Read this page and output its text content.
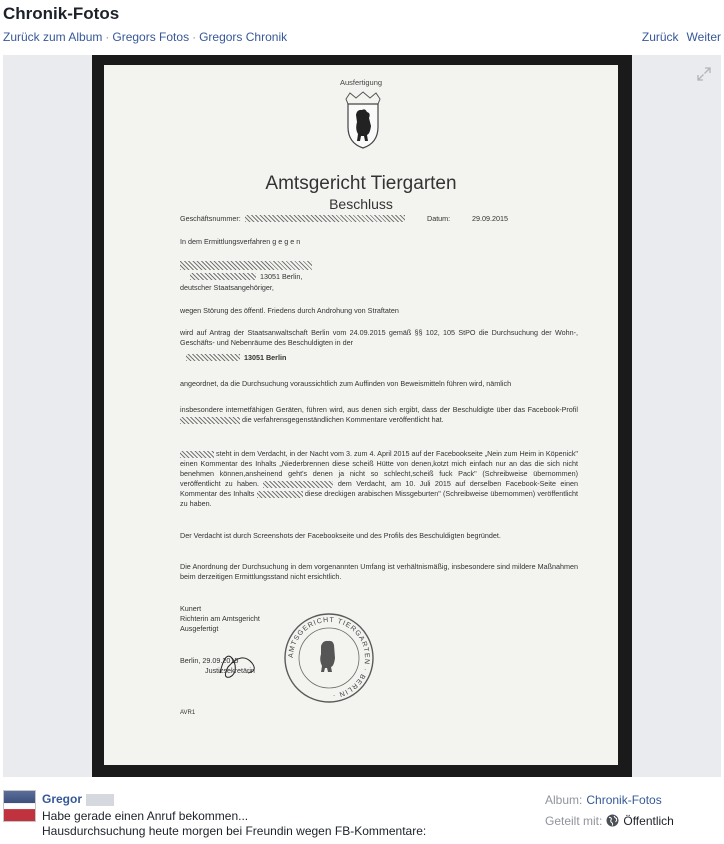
Chronik-Fotos
Zurück zum Album · Gregors Fotos · Gregors Chronik	Zurück Weiter
Ausfertigung
Amtsgericht Tiergarten
Beschluss
Geschäftsnummer:	Datum:	29.09.2015
In dem Ermittlungsverfahren g e g e n
13051 Berlin,
deutscher Staatsangehöriger,
wegen Störung des öffentl. Friedens durch Androhung von Straftaten
wird auf Antrag der Staatsanwaltschaft Berlin vom 24.09.2015 gemäß §§ 102, 105 StPO die Durchsuchung der Wohn-, Geschäfts- und Nebenräume des Beschuldigten in der
13051 Berlin
angeordnet, da die Durchsuchung voraussichtlich zum Auffinden von Beweismitteln führen wird, nämlich
insbesondere internetfähigen Geräten, führen wird, aus denen sich ergibt, dass der Beschuldigte über das Facebook-Profil  die verfahrensgegenständlichen Kommentare veröffentlicht hat.
steht in dem Verdacht, in der Nacht vom 3. zum 4. April 2015 auf der Facebookseite „Nein zum Heim in Köpenick" einen Kommentar des Inhalts „Niederbrennen diese scheiß Hütte von denen,kotzt mich einfach nur an das die sich nicht benehmen können,ansheinend geht's denen ja nicht so schlecht,scheiß fuck Pack" (Schreibweise übernommen) veröffentlicht zu haben.	dem Verdacht, am 10. Juli 2015 auf derselben Facebook-Seite einen Kommentar des Inhalts	diese dreckigen arabischen Missgeburten" (Schreibweise übernommen) veröffentlicht zu haben.
Der Verdacht ist durch Screenshots der Facebookseite und des Profils des Beschuldigten begründet.
Die Anordnung der Durchsuchung in dem vorgenannten Umfang ist verhältnismäßig, insbesondere sind mildere Maßnahmen beim derzeitigen Ermittlungsstand nicht ersichtlich.
Kunert
Richterin am Amtsgericht
Ausgefertigt
Berlin, 29.09.2015
Justizsekretärin
AVR1
AMTSGERICHT TIERGARTEN · BERLIN ·
Gregor
Habe gerade einen Anruf bekommen...
Hausdurchsuchung heute morgen bei Freundin wegen FB-Kommentare:
Album: Chronik-Fotos
Geteilt mit: Öffentlich
